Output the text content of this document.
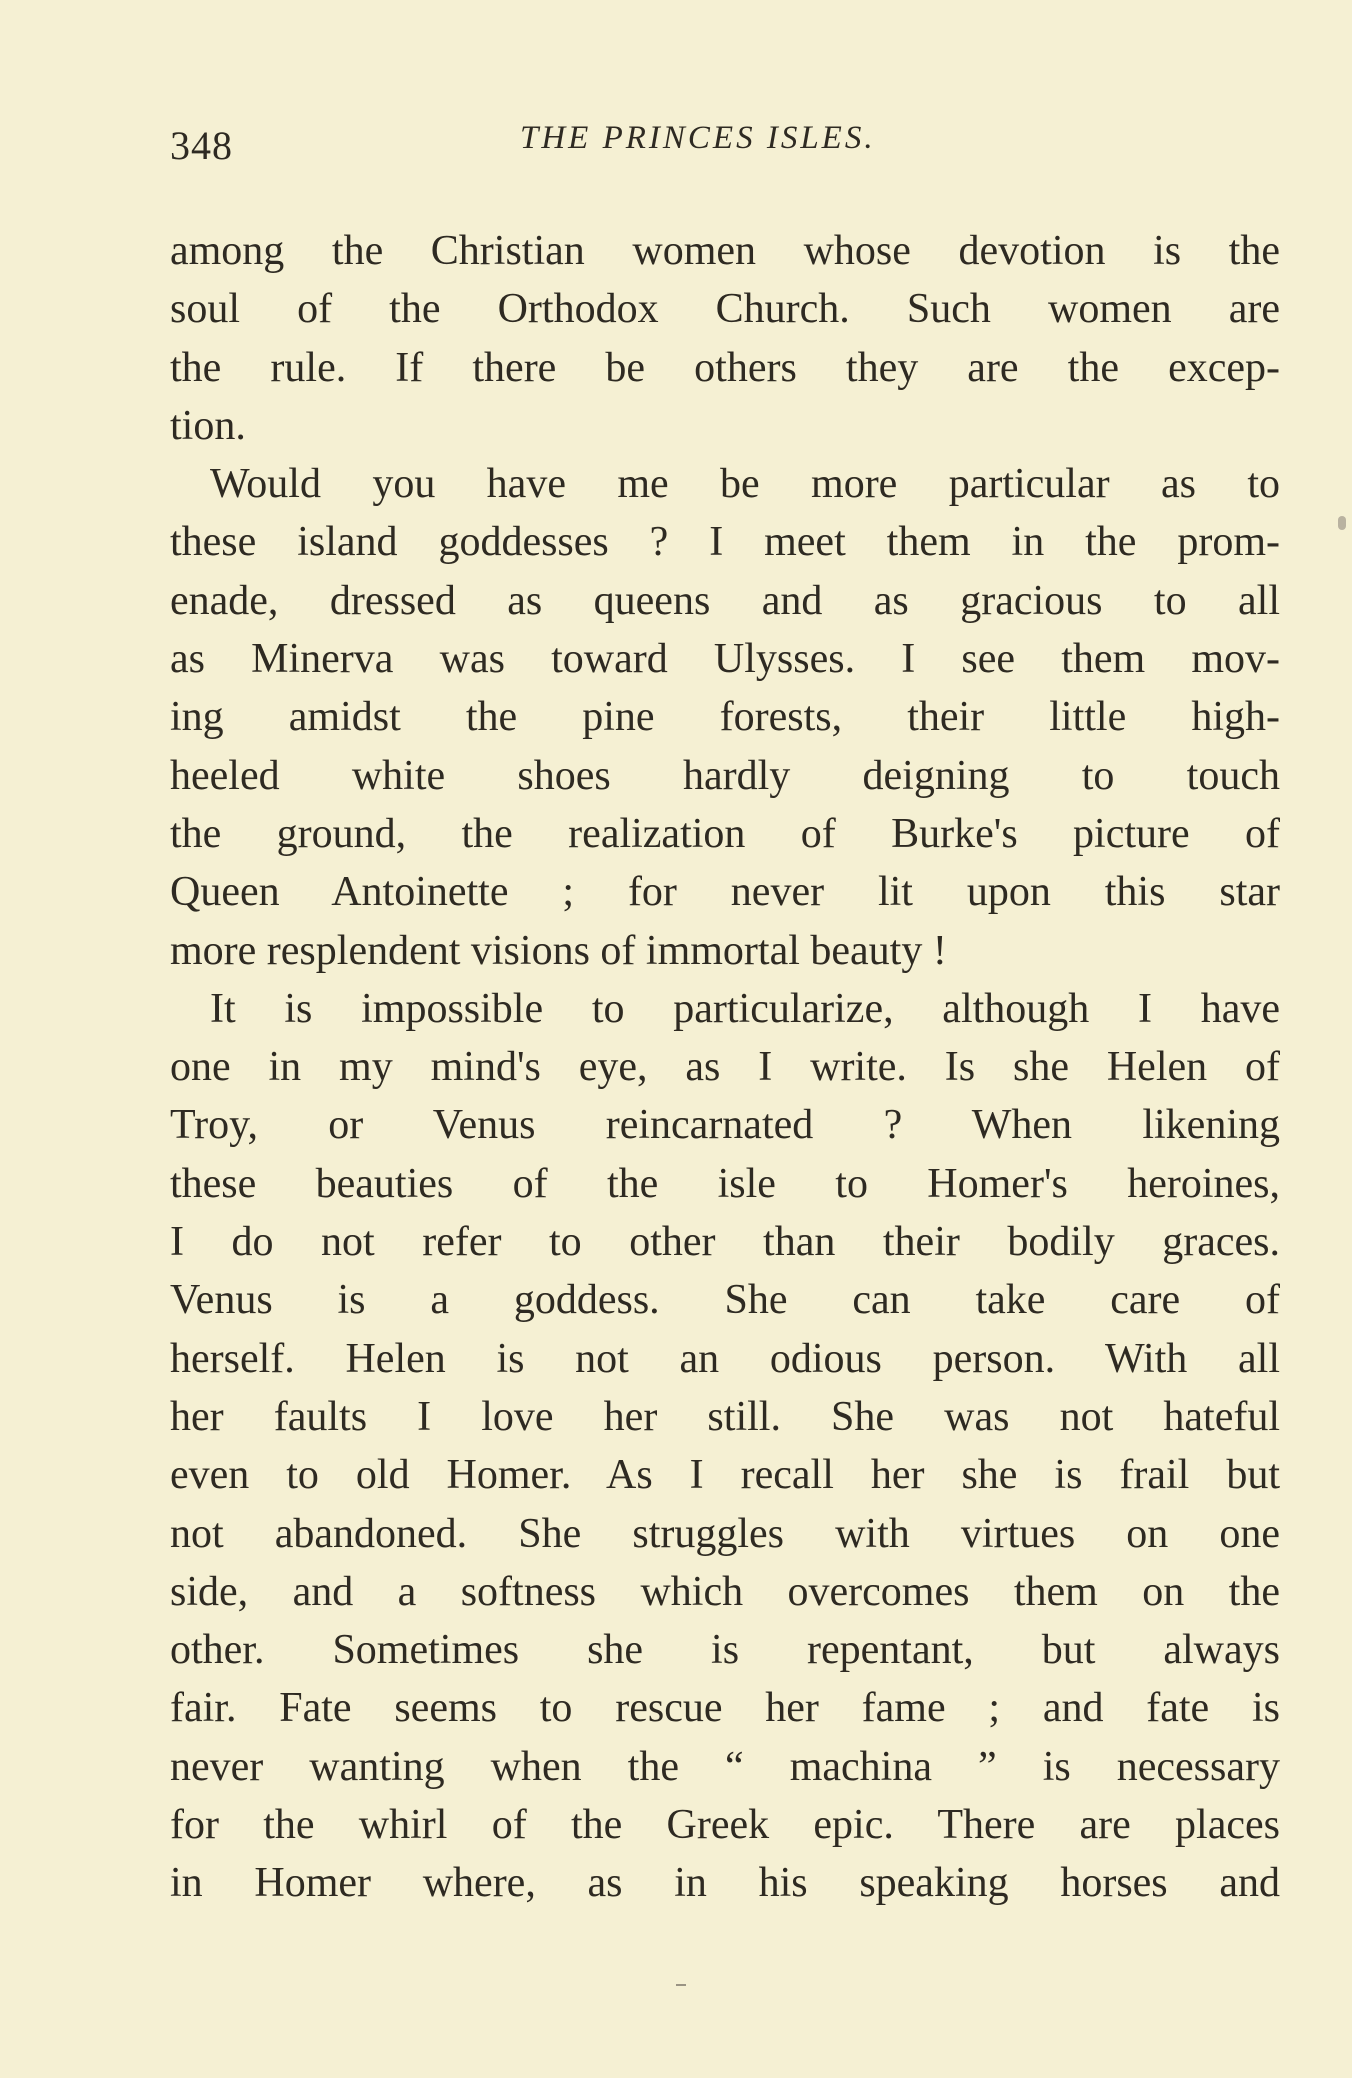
348	THE PRINCES ISLES.
among the Christian women whose devotion is the
soul of the Orthodox Church. Such women are
the rule. If there be others they are the excep-
tion.
Would you have me be more particular as to
these island goddesses ? I meet them in the prom-
enade, dressed as queens and as gracious to all
as Minerva was toward Ulysses. I see them mov-
ing amidst the pine forests, their little high-
heeled white shoes hardly deigning to touch
the ground, the realization of Burke's picture of
Queen Antoinette ; for never lit upon this star
more resplendent visions of immortal beauty !
It is impossible to particularize, although I have
one in my mind's eye, as I write. Is she Helen of
Troy, or Venus reincarnated ? When likening
these beauties of the isle to Homer's heroines,
I do not refer to other than their bodily graces.
Venus is a goddess. She can take care of
herself. Helen is not an odious person. With all
her faults I love her still. She was not hateful
even to old Homer. As I recall her she is frail but
not abandoned. She struggles with virtues on one
side, and a softness which overcomes them on the
other. Sometimes she is repentant, but always
fair. Fate seems to rescue her fame ; and fate is
never wanting when the “ machina ” is necessary
for the whirl of the Greek epic. There are places
in Homer where, as in his speaking horses and
